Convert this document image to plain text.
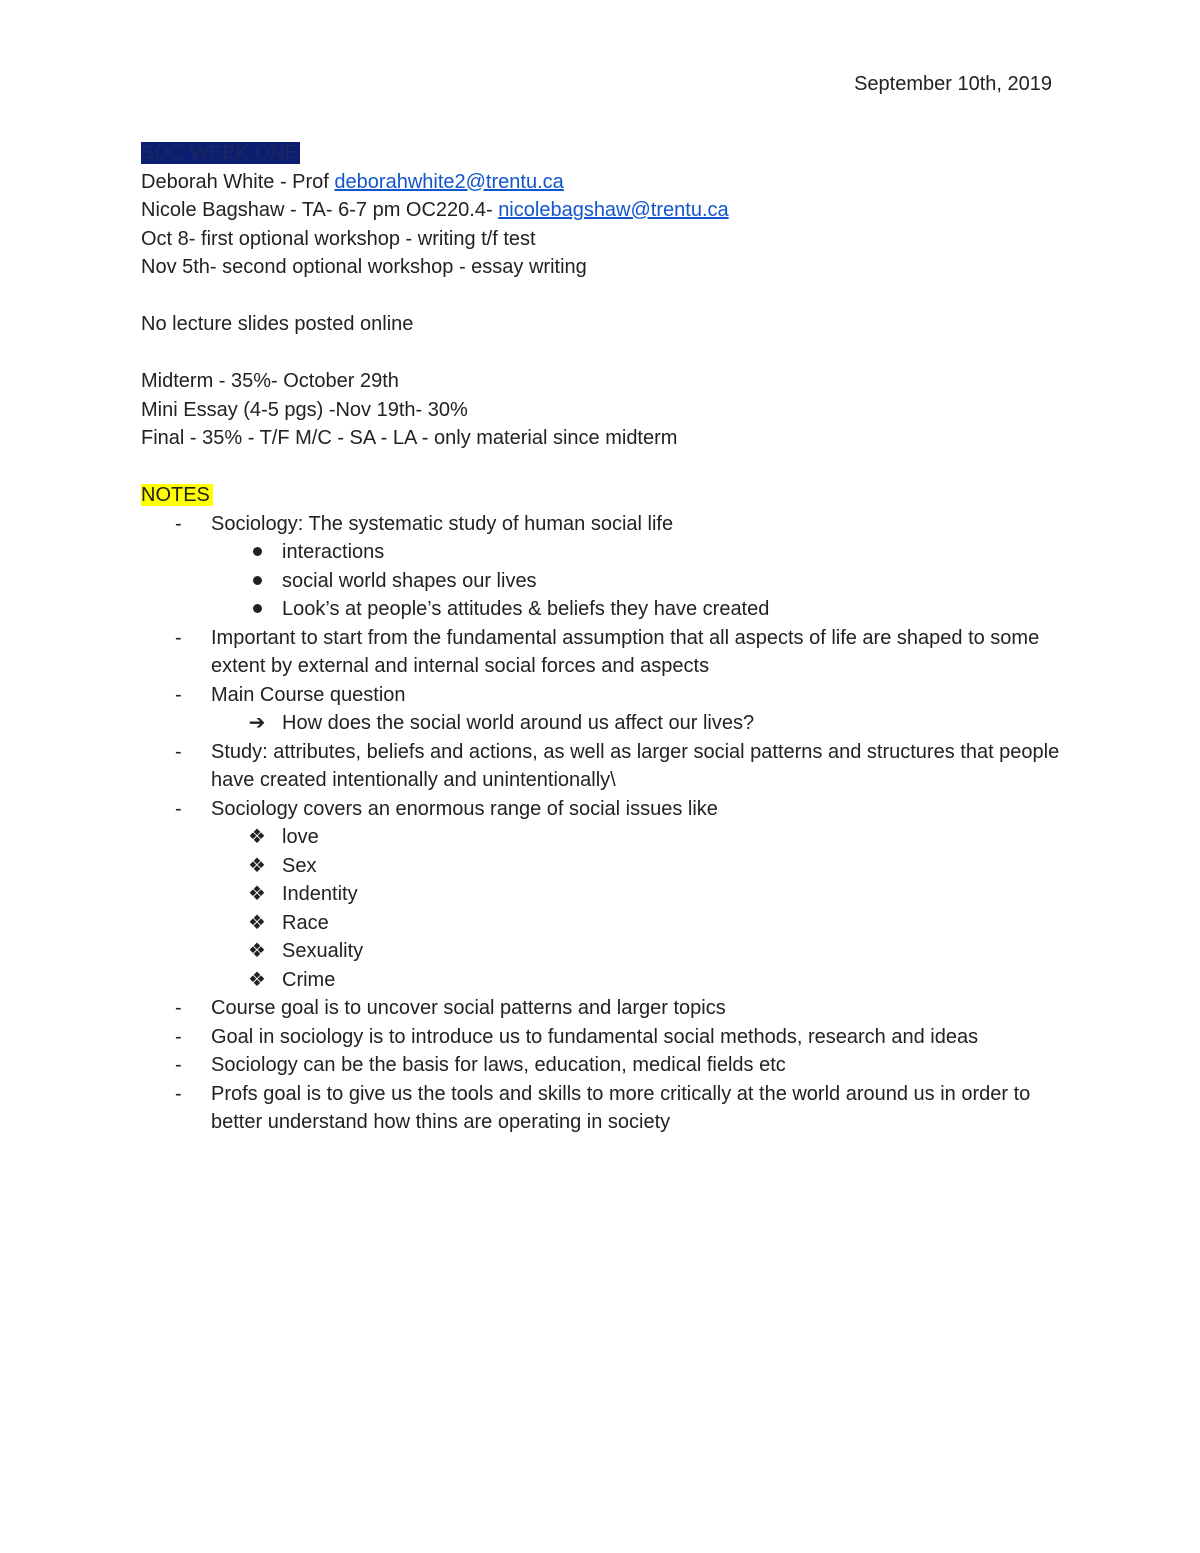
September 10th, 2019

SOC WEEK ONE

Deborah White - Prof deborahwhite2@trentu.ca

Nicole Bagshaw - TA- 6-7 pm OC220.4- nicolebagshaw@trentu.ca

Oct 8- first optional workshop - writing t/f test

Nov 5th- second optional workshop - essay writing

No lecture slides posted online

Midterm - 35%- October 29th

Mini Essay (4-5 pgs) -Nov 19th- 30%

Final - 35% - T/F M/C - SA - LA - only material since midterm

NOTES

- Sociology: The systematic study of human social life
interactions
social world shapes our lives
Look’s at people’s attitudes & beliefs they have created
- Important to start from the fundamental assumption that all aspects of life are shaped to some extent by external and internal social forces and aspects
- Main Course question
➔ How does the social world around us affect our lives?
- Study: attributes, beliefs and actions, as well as larger social patterns and structures that people have created intentionally and unintentionally\
- Sociology covers an enormous range of social issues like
❖ love
❖ Sex
❖ Indentity
❖ Race
❖ Sexuality
❖ Crime
- Course goal is to uncover social patterns and larger topics
- Goal in sociology is to introduce us to fundamental social methods, research and ideas
- Sociology can be the basis for laws, education, medical fields etc
- Profs goal is to give us the tools and skills to more critically at the world around us in order to better understand how thins are operating in society
